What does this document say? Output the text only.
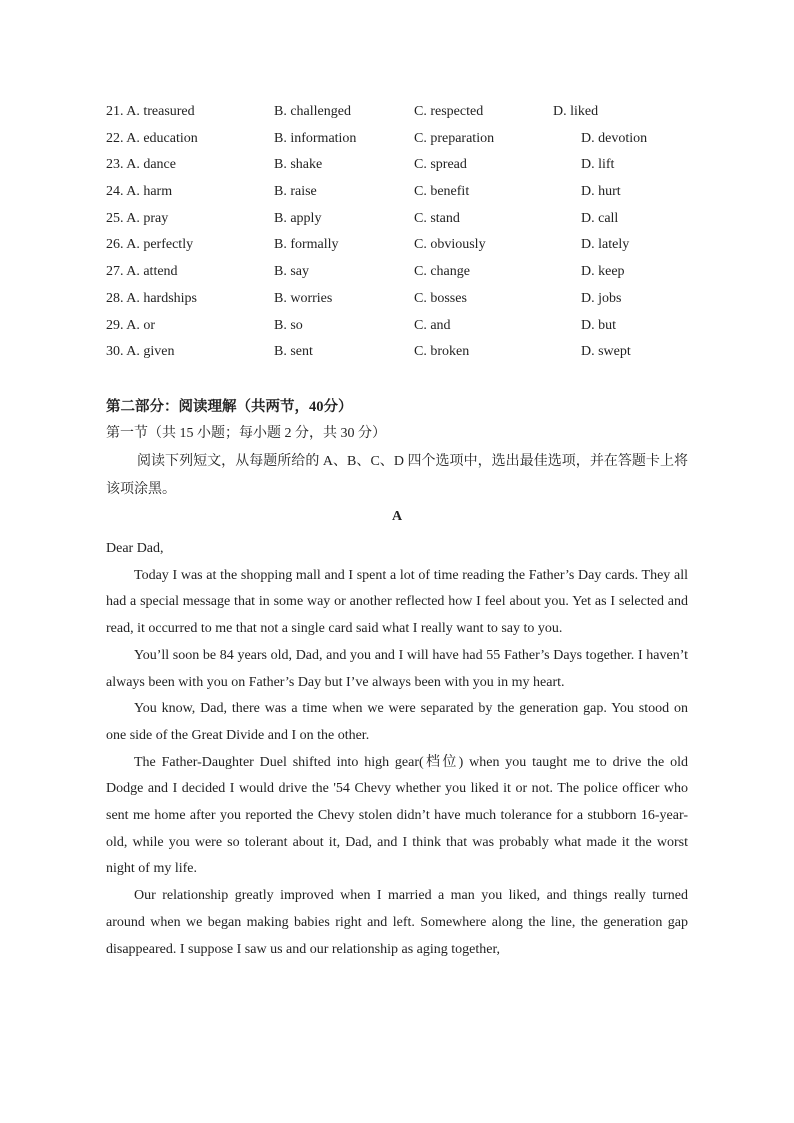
21. A. treasured	B. challenged	C. respected	D. liked
22. A. education	B. information	C. preparation	D. devotion
23. A. dance	B. shake	C. spread	D. lift
24. A. harm	B. raise	C. benefit	D. hurt
25. A. pray	B. apply	C. stand	D. call
26. A. perfectly	B. formally	C. obviously	D. lately
27. A. attend	B. say	C. change	D. keep
28. A. hardships	B. worries	C. bosses	D. jobs
29. A. or	B. so	C. and	D. but
30. A. given	B. sent	C. broken	D. swept
第二部分：阅读理解（共两节，40分）
第一节（共 15 小题；每小题 2 分，共 30 分）
阅读下列短文，从每题所给的 A、B、C、D 四个选项中，选出最佳选项，并在答题卡上将该项涂黑。
A

Dear Dad,

Today I was at the shopping mall and I spent a lot of time reading the Father’s Day cards. They all had a special message that in some way or another reflected how I feel about you. Yet as I selected and read, it occurred to me that not a single card said what I really want to say to you.

You’ll soon be 84 years old, Dad, and you and I will have had 55 Father’s Days together. I haven’t always been with you on Father’s Day but I’ve always been with you in my heart.

You know, Dad, there was a time when we were separated by the generation gap. You stood on one side of the Great Divide and I on the other.

The Father-Daughter Duel shifted into high gear(档位) when you taught me to drive the old Dodge and I decided I would drive the '54 Chevy whether you liked it or not. The police officer who sent me home after you reported the Chevy stolen didn’t have much tolerance for a stubborn 16-year-old, while you were so tolerant about it, Dad, and I think that was probably what made it the worst night of my life.

Our relationship greatly improved when I married a man you liked, and things really turned around when we began making babies right and left. Somewhere along the line, the generation gap disappeared. I suppose I saw us and our relationship as aging together,
